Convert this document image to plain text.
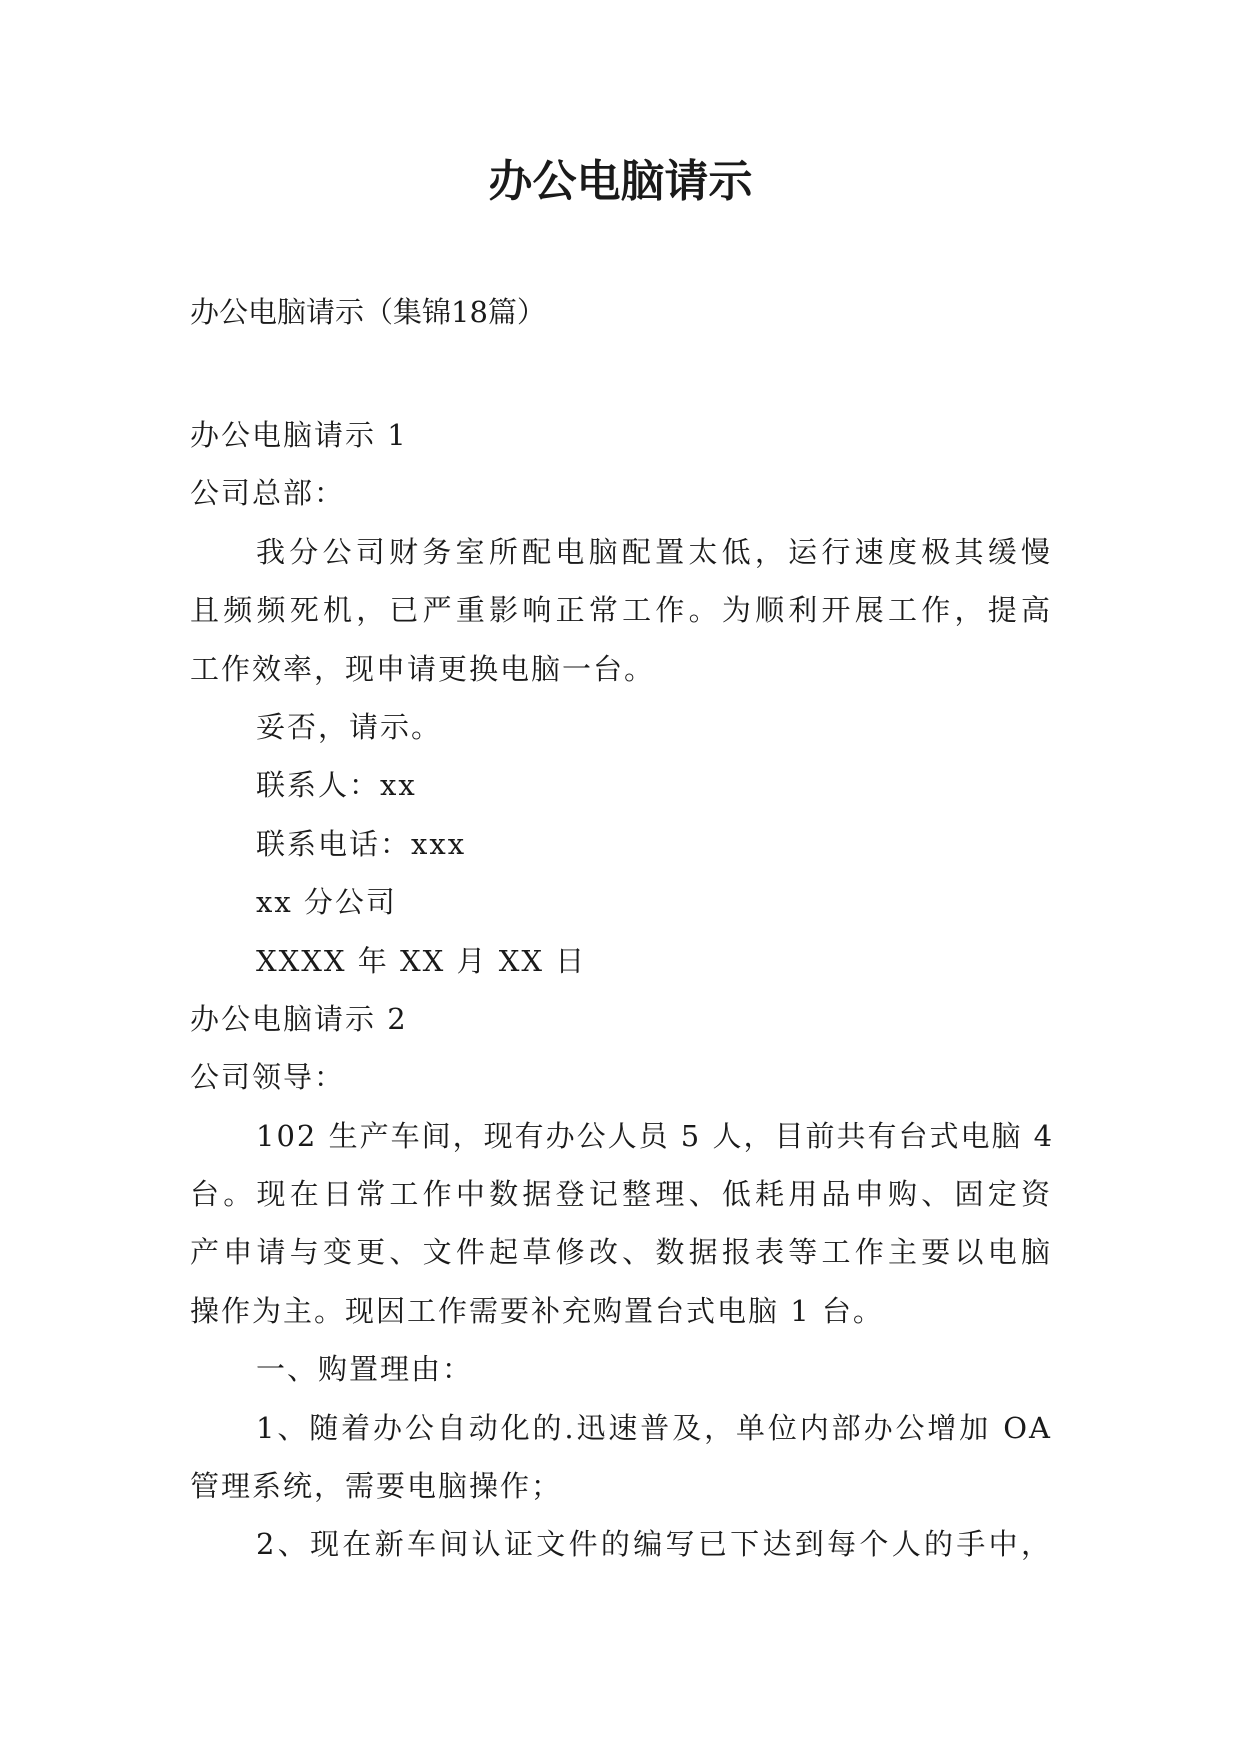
办公电脑请示

办公电脑请示（集锦18篇）

办公电脑请示 1
公司总部：
我分公司财务室所配电脑配置太低，运行速度极其缓慢
且频频死机，已严重影响正常工作。为顺利开展工作，提高
工作效率，现申请更换电脑一台。
妥否，请示。
联系人：xx
联系电话：xxx
xx 分公司
XXXX 年 XX 月 XX 日
办公电脑请示 2
公司领导：
102 生产车间，现有办公人员 5 人，目前共有台式电脑 4
台。现在日常工作中数据登记整理、低耗用品申购、固定资
产申请与变更、文件起草修改、数据报表等工作主要以电脑
操作为主。现因工作需要补充购置台式电脑 1 台。
一、购置理由：
1、随着办公自动化的.迅速普及，单位内部办公增加 OA
管理系统，需要电脑操作；
2、现在新车间认证文件的编写已下达到每个人的手中，
